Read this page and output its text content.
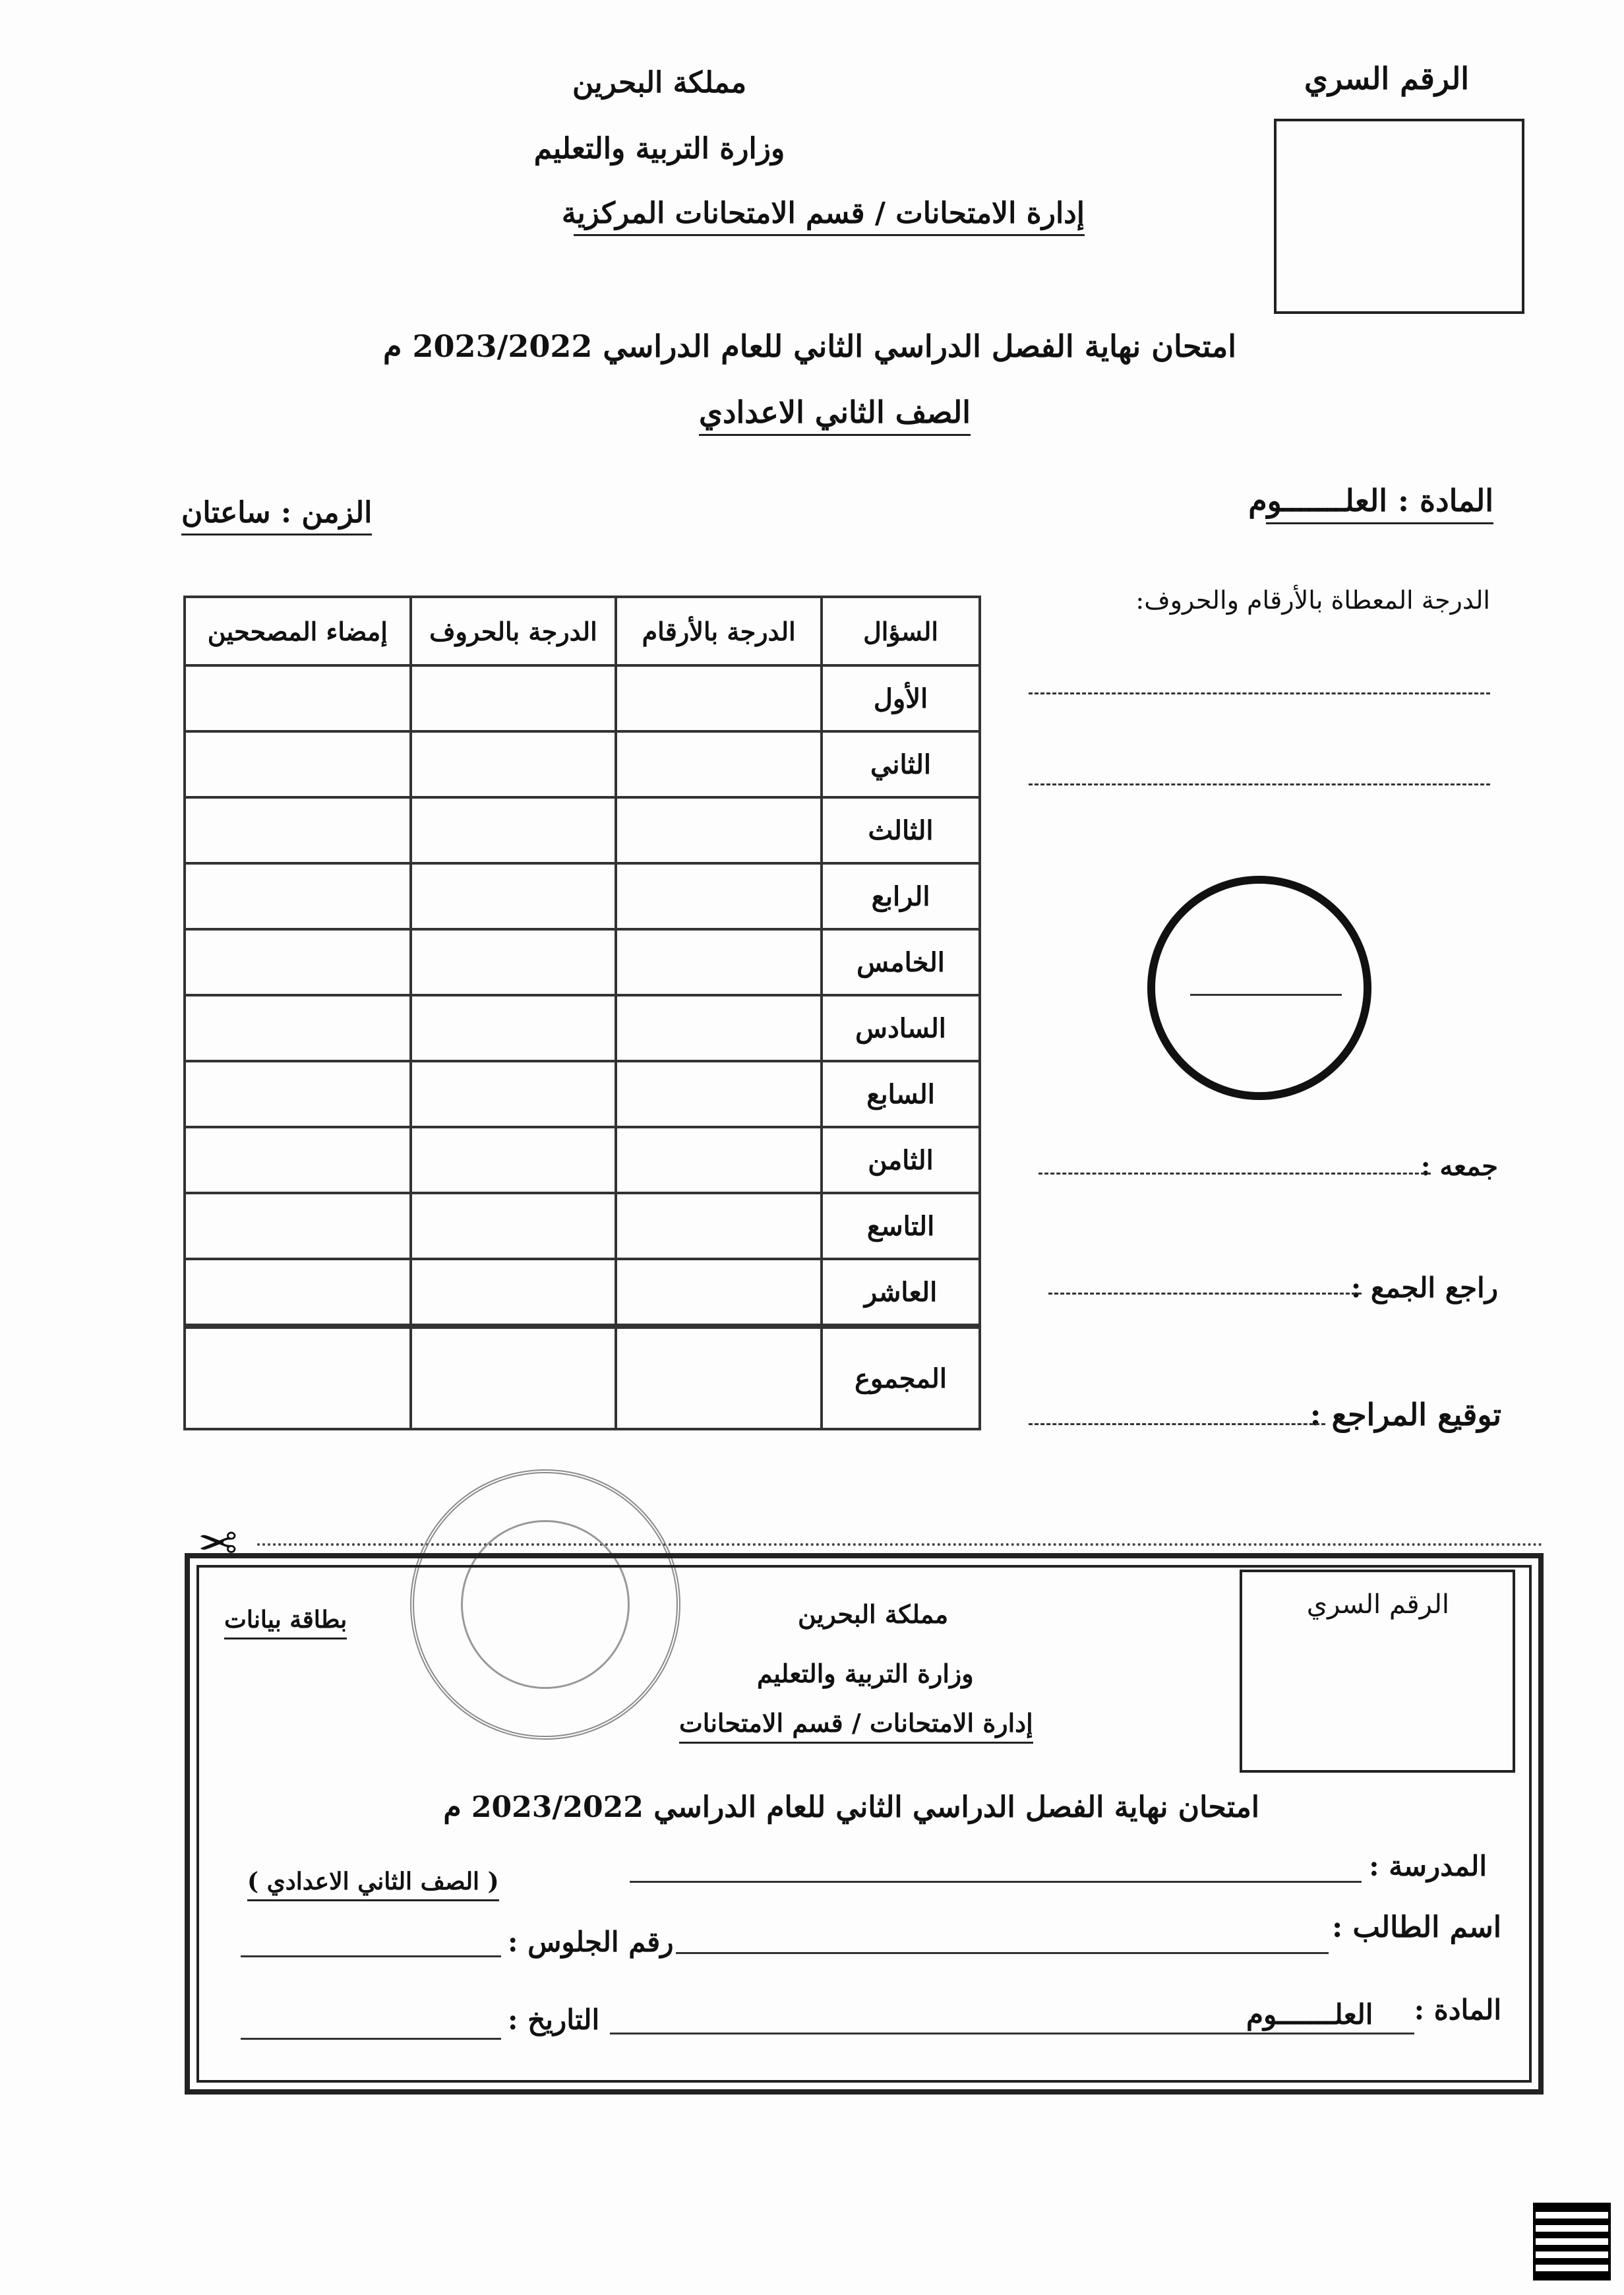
الرقم السري
مملكة البحرين
وزارة التربية والتعليم
إدارة الامتحانات / قسم الامتحانات المركزية
امتحان نهاية الفصل الدراسي الثاني للعام الدراسي 2023/2022 م
الصف الثاني الاعدادي
المادة : العلـــــــوم
الزمن : ساعتان
السؤال	الدرجة بالأرقام	الدرجة بالحروف	إمضاء المصححين
الأول			
الثاني			
الثالث			
الرابع			
الخامس			
السادس			
السابع			
الثامن			
التاسع			
العاشر			
المجموع			
الدرجة المعطاة بالأرقام والحروف:
جمعه :
راجع الجمع :
توقيع المراجع :
✂
الرقم السري
بطاقة بيانات	مملكة البحرين
وزارة التربية والتعليم
إدارة الامتحانات / قسم الامتحانات
امتحان نهاية الفصل الدراسي الثاني للعام الدراسي 2023/2022 م
المدرسة :
( الصف الثاني الاعدادي )
اسم الطالب :
رقم الجلوس :
المادة :
العلـــــــوم
التاريخ :
